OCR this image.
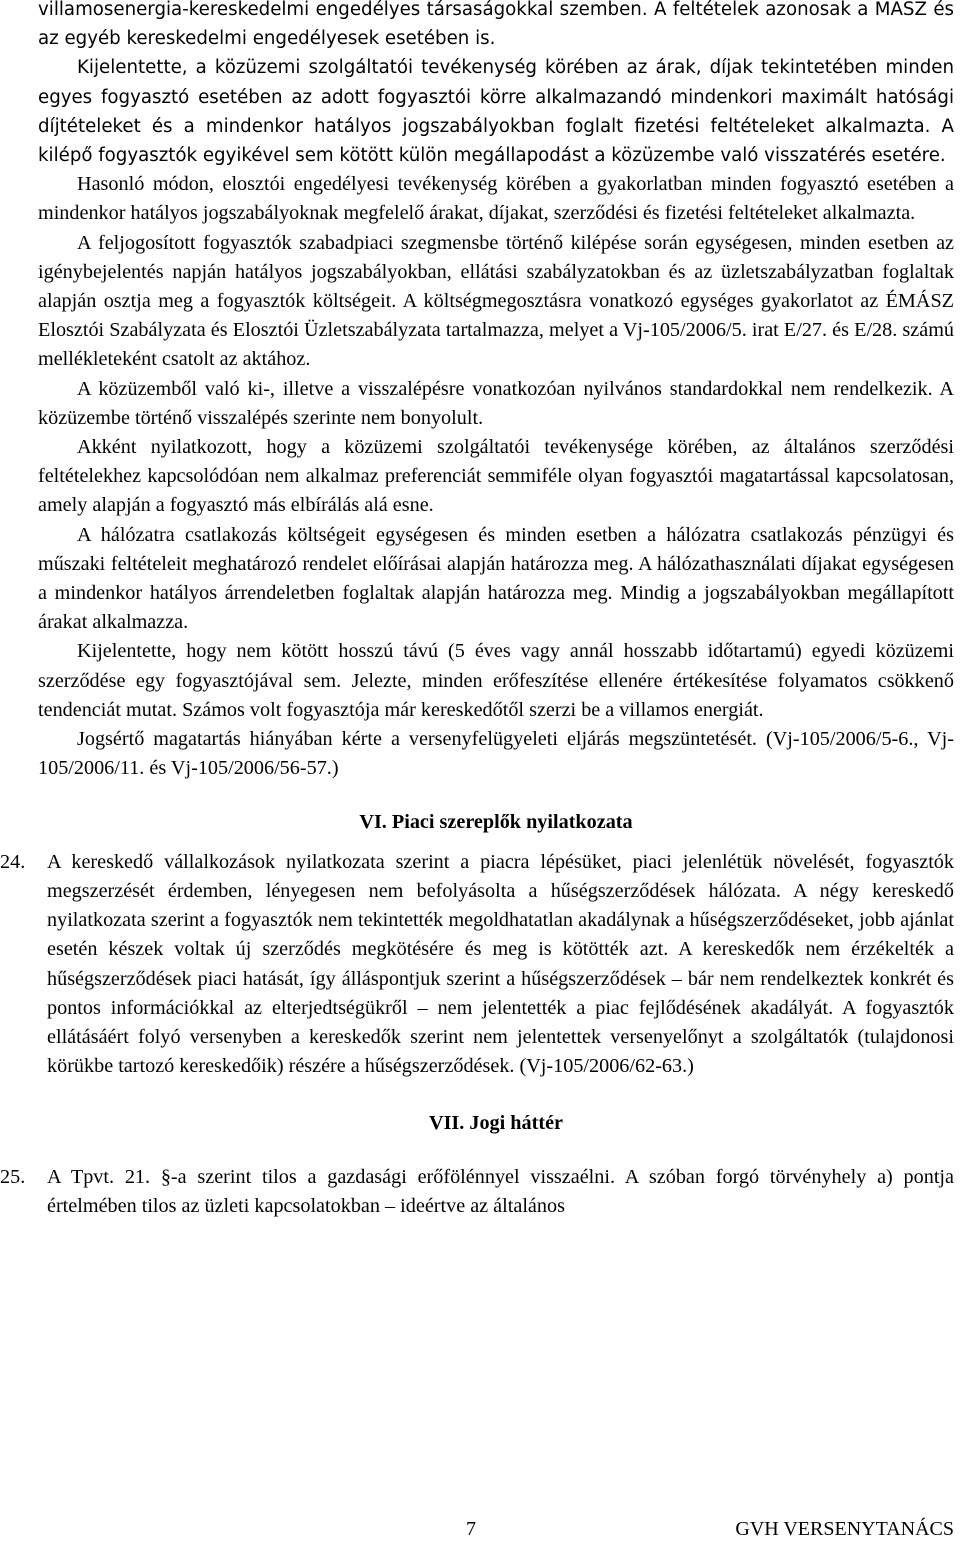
villamosenergia-kereskedelmi engedélyes társaságokkal szemben. A feltételek azonosak a MÁSZ és az egyéb kereskedelmi engedélyesek esetében is.

Kijelentette, a közüzemi szolgáltatói tevékenység körében az árak, díjak tekintetében minden egyes fogyasztó esetében az adott fogyasztói körre alkalmazandó mindenkori maximált hatósági díjtételeket és a mindenkor hatályos jogszabályokban foglalt fizetési feltételeket alkalmazta. A kilépő fogyasztók egyikével sem kötött külön megállapodást a közüzembe való visszatérés esetére.

Hasonló módon, elosztói engedélyesi tevékenység körében a gyakorlatban minden fogyasztó esetében a mindenkor hatályos jogszabályoknak megfelelő árakat, díjakat, szerződési és fizetési feltételeket alkalmazta.

A feljogosított fogyasztók szabadpiaci szegmensbe történő kilépése során egységesen, minden esetben az igénybejelentés napján hatályos jogszabályokban, ellátási szabályzatokban és az üzletszabályzatban foglaltak alapján osztja meg a fogyasztók költségeit. A költségmegosztásra vonatkozó egységes gyakorlatot az ÉMÁSZ Elosztói Szabályzata és Elosztói Üzletszabályzata tartalmazza, melyet a Vj-105/2006/5. irat E/27. és E/28. számú mellékleteként csatolt az aktához.

A közüzemből való ki-, illetve a visszalépésre vonatkozóan nyilvános standardokkal nem rendelkezik. A közüzembe történő visszalépés szerinte nem bonyolult.

Akként nyilatkozott, hogy a közüzemi szolgáltatói tevékenysége körében, az általános szerződési feltételekhez kapcsolódóan nem alkalmaz preferenciát semmiféle olyan fogyasztói magatartással kapcsolatosan, amely alapján a fogyasztó más elbírálás alá esne.

A hálózatra csatlakozás költségeit egységesen és minden esetben a hálózatra csatlakozás pénzügyi és műszaki feltételeit meghatározó rendelet előírásai alapján határozza meg. A hálózathasználati díjakat egységesen a mindenkor hatályos árrendeletben foglaltak alapján határozza meg. Mindig a jogszabályokban megállapított árakat alkalmazza.

Kijelentette, hogy nem kötött hosszú távú (5 éves vagy annál hosszabb időtartamú) egyedi közüzemi szerződése egy fogyasztójával sem. Jelezte, minden erőfeszítése ellenére értékesítése folyamatos csökkenő tendenciát mutat. Számos volt fogyasztója már kereskedőtől szerzi be a villamos energiát.

Jogsértő magatartás hiányában kérte a versenyfelügyeleti eljárás megszüntetését. (Vj-105/2006/5-6., Vj-105/2006/11. és Vj-105/2006/56-57.)

VI. Piaci szereplők nyilatkozata

24. A kereskedő vállalkozások nyilatkozata szerint a piacra lépésüket, piaci jelenlétük növelését, fogyasztók megszerzését érdemben, lényegesen nem befolyásolta a hűségszerződések hálózata. A négy kereskedő nyilatkozata szerint a fogyasztók nem tekintették megoldhatatlan akadálynak a hűségszerződéseket, jobb ajánlat esetén készek voltak új szerződés megkötésére és meg is kötötték azt. A kereskedők nem érzékelték a hűségszerződések piaci hatását, így álláspontjuk szerint a hűségszerződések – bár nem rendelkeztek konkrét és pontos információkkal az elterjedtségükről – nem jelentették a piac fejlődésének akadályát. A fogyasztók ellátásáért folyó versenyben a kereskedők szerint nem jelentettek versenyelőnyt a szolgáltatók (tulajdonosi körükbe tartozó kereskedőik) részére a hűségszerződések. (Vj-105/2006/62-63.)

VII. Jogi háttér

25. A Tpvt. 21. §-a szerint tilos a gazdasági erőfölénnyel visszaélni. A szóban forgó törvényhely a) pontja értelmében tilos az üzleti kapcsolatokban – ideértve az általános
7	GVH VERSENYTANÁCS
